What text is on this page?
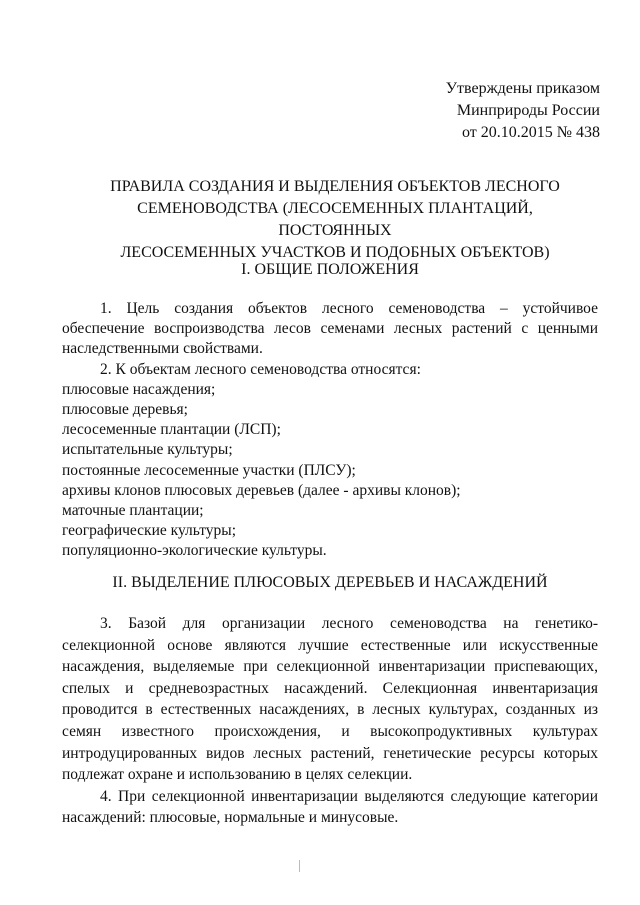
Утверждены приказом
Минприроды России
от 20.10.2015 № 438
ПРАВИЛА СОЗДАНИЯ И ВЫДЕЛЕНИЯ ОБЪЕКТОВ ЛЕСНОГО
СЕМЕНОВОДСТВА (ЛЕСОСЕМЕННЫХ ПЛАНТАЦИЙ, ПОСТОЯННЫХ
ЛЕСОСЕМЕННЫХ УЧАСТКОВ И ПОДОБНЫХ ОБЪЕКТОВ)
I. ОБЩИЕ ПОЛОЖЕНИЯ

1. Цель создания объектов лесного семеноводства – устойчивое обеспечение воспроизводства лесов семенами лесных растений с ценными наследственными свойствами.

2. К объектам лесного семеноводства относятся:

плюсовые насаждения;

плюсовые деревья;

лесосеменные плантации (ЛСП);

испытательные культуры;

постоянные лесосеменные участки (ПЛСУ);

архивы клонов плюсовых деревьев (далее - архивы клонов);

маточные плантации;

географические культуры;

популяционно-экологические культуры.

II. ВЫДЕЛЕНИЕ ПЛЮСОВЫХ ДЕРЕВЬЕВ И НАСАЖДЕНИЙ

3. Базой для организации лесного семеноводства на генетико-селекционной основе являются лучшие естественные или искусственные насаждения, выделяемые при селекционной инвентаризации приспевающих, спелых и средневозрастных насаждений. Селекционная инвентаризация проводится в естественных насаждениях, в лесных культурах, созданных из семян известного происхождения, и высокопродуктивных культурах интродуцированных видов лесных растений, генетические ресурсы которых подлежат охране и использованию в целях селекции.

4. При селекционной инвентаризации выделяются следующие категории насаждений: плюсовые, нормальные и минусовые.
